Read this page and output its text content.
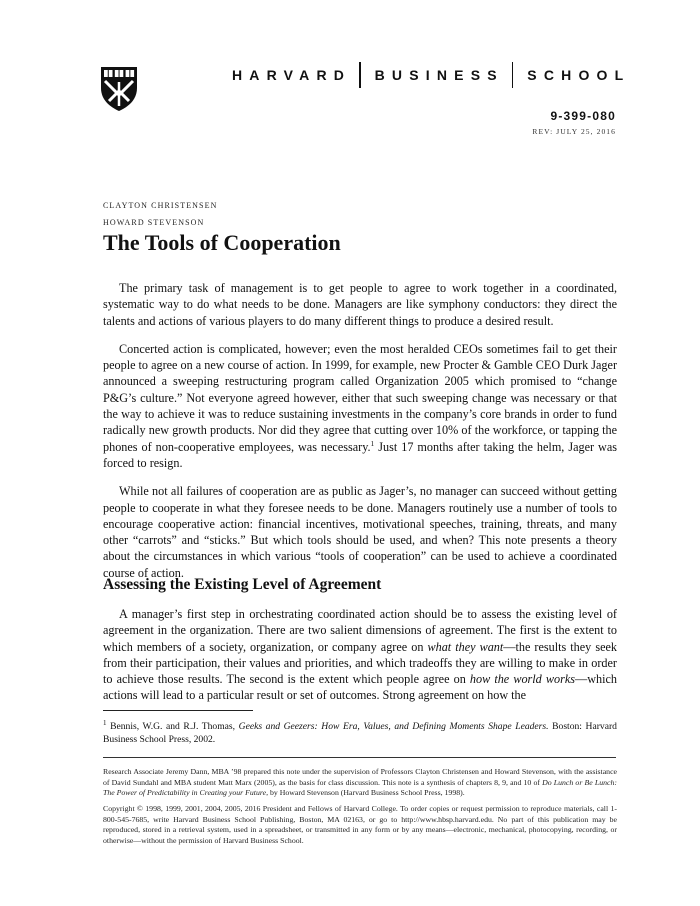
HARVARD BUSINESS SCHOOL
9-399-080
REV: JULY 25, 2016
CLAYTON CHRISTENSEN
HOWARD STEVENSON
The Tools of Cooperation

The primary task of management is to get people to agree to work together in a coordinated, systematic way to do what needs to be done. Managers are like symphony conductors: they direct the talents and actions of various players to do many different things to produce a desired result.

Concerted action is complicated, however; even the most heralded CEOs sometimes fail to get their people to agree on a new course of action. In 1999, for example, new Procter & Gamble CEO Durk Jager announced a sweeping restructuring program called Organization 2005 which promised to “change P&G’s culture.” Not everyone agreed however, either that such sweeping change was necessary or that the way to achieve it was to reduce sustaining investments in the company’s core brands in order to fund radically new growth products. Nor did they agree that cutting over 10% of the workforce, or tapping the phones of non-cooperative employees, was necessary.$^1$ Just 17 months after taking the helm, Jager was forced to resign.

While not all failures of cooperation are as public as Jager’s, no manager can succeed without getting people to cooperate in what they foresee needs to be done. Managers routinely use a number of tools to encourage cooperative action: financial incentives, motivational speeches, training, threats, and many other “carrots” and “sticks.” But which tools should be used, and when? This note presents a theory about the circumstances in which various “tools of cooperation” can be used to achieve a coordinated course of action.

Assessing the Existing Level of Agreement

A manager’s first step in orchestrating coordinated action should be to assess the existing level of agreement in the organization. There are two salient dimensions of agreement. The first is the extent to which members of a society, organization, or company agree on what they want—the results they seek from their participation, their values and priorities, and which tradeoffs they are willing to make in order to achieve those results. The second is the extent which people agree on how the world works—which actions will lead to a particular result or set of outcomes. Strong agreement on how the

$^1$ Bennis, W.G. and R.J. Thomas, Geeks and Geezers: How Era, Values, and Defining Moments Shape Leaders. Boston: Harvard Business School Press, 2002.
Research Associate Jeremy Dann, MBA ’98 prepared this note under the supervision of Professors Clayton Christensen and Howard Stevenson, with the assistance of David Sundahl and MBA student Matt Marx (2005), as the basis for class discussion. This note is a synthesis of chapters 8, 9, and 10 of Do Lunch or Be Lunch: The Power of Predictability in Creating your Future, by Howard Stevenson (Harvard Business School Press, 1998).
Copyright © 1998, 1999, 2001, 2004, 2005, 2016 President and Fellows of Harvard College. To order copies or request permission to reproduce materials, call 1-800-545-7685, write Harvard Business School Publishing, Boston, MA 02163, or go to http://www.hbsp.harvard.edu. No part of this publication may be reproduced, stored in a retrieval system, used in a spreadsheet, or transmitted in any form or by any means—electronic, mechanical, photocopying, recording, or otherwise—without the permission of Harvard Business School.
